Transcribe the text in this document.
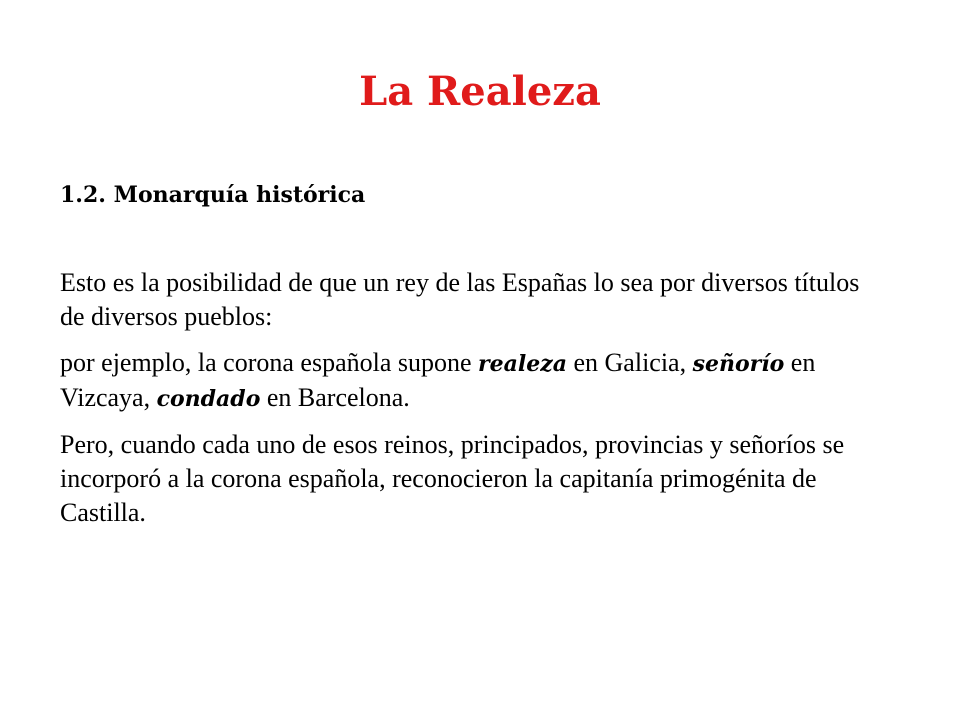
La Realeza
1.2. Monarquía histórica

Esto es la posibilidad de que un rey de las Españas lo sea por diversos títulos de diversos pueblos:

por ejemplo, la corona española supone realeza en Galicia, señorío en Vizcaya, condado en Barcelona.

Pero, cuando cada uno de esos reinos, principados, provincias y señoríos se incorporó a la corona española, reconocieron la capitanía primogénita de Castilla.
